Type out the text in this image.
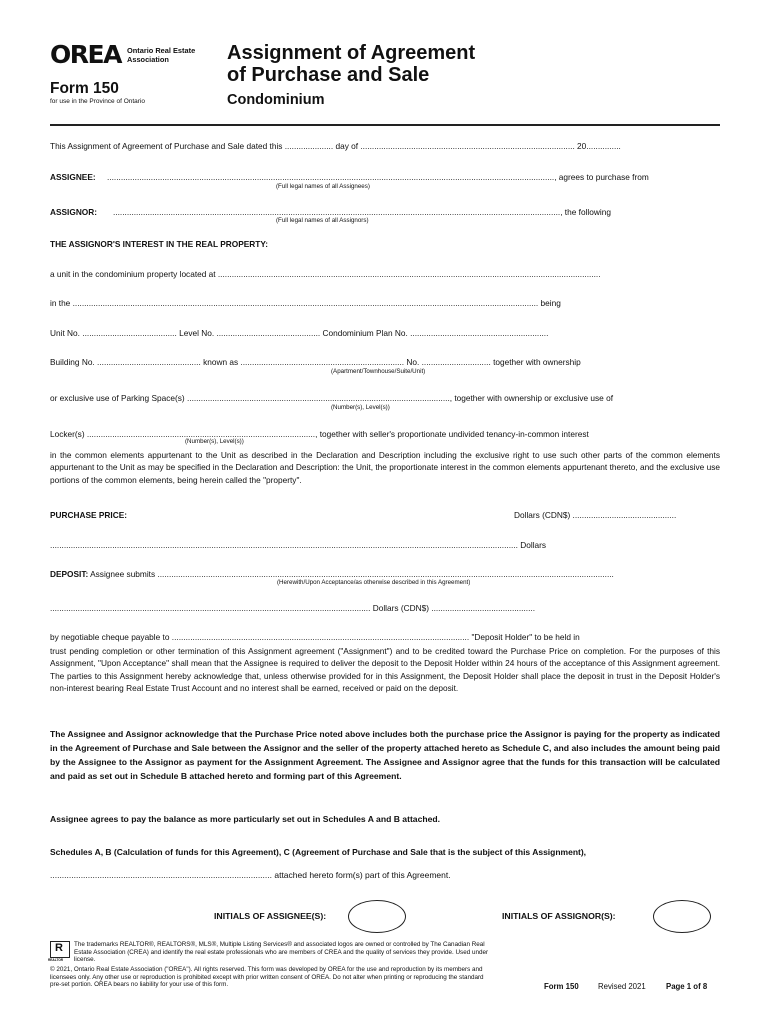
OREA Ontario Real Estate
Association
Form 150
for use in the Province of Ontario
Assignment of Agreement
of Purchase and Sale
Condominium
This Assignment of Agreement of Purchase and Sale dated this ..................... day of ............................................................................................. 20...............
ASSIGNEE: .................................................................................................................................................................................................., agrees to purchase from
(Full legal names of all Assignees)
ASSIGNOR: .................................................................................................................................................................................................., the following
(Full legal names of all Assignors)
THE ASSIGNOR'S INTEREST IN THE REAL PROPERTY:
a unit in the condominium property located at ......................................................................................................................................................................
in the .......................................................................................................................................................................................................... being
Unit No. ......................................... Level No. ............................................. Condominium Plan No. ............................................................
Building No. ............................................. known as ....................................................................... No. .............................. together with ownership
(Apartment/Townhouse/Suite/Unit)
or exclusive use of Parking Space(s) .................................................................................................................., together with ownership or exclusive use of
(Number(s), Level(s))
Locker(s) ..................................................................................................., together with seller's proportionate undivided tenancy-in-common interest
(Number(s), Level(s))
in the common elements appurtenant to the Unit as described in the Declaration and Description including the exclusive right to use such other parts of the common elements appurtenant to the Unit as may be specified in the Declaration and Description: the Unit, the proportionate interest in the common elements appurtenant thereto, and the exclusive use portions of the common elements, being herein called the "property".
PURCHASE PRICE:	Dollars (CDN$) .............................................
........................................................................................................................................................................................................... Dollars
DEPOSIT: Assignee submits ......................................................................................................................................................................................................
(Herewith/Upon Acceptance/as otherwise described in this Agreement)
........................................................................................................................................... Dollars (CDN$) .............................................
by negotiable cheque payable to ................................................................................................................................. "Deposit Holder" to be held in
trust pending completion or other termination of this Assignment agreement ("Assignment") and to be credited toward the Purchase Price on completion. For the purposes of this Assignment, "Upon Acceptance" shall mean that the Assignee is required to deliver the deposit to the Deposit Holder within 24 hours of the acceptance of this Assignment agreement. The parties to this Assignment hereby acknowledge that, unless otherwise provided for in this Assignment, the Deposit Holder shall place the deposit in trust in the Deposit Holder's non-interest bearing Real Estate Trust Account and no interest shall be earned, received or paid on the deposit.
The Assignee and Assignor acknowledge that the Purchase Price noted above includes both the purchase price the Assignor is paying for the property as indicated in the Agreement of Purchase and Sale between the Assignor and the seller of the property attached hereto as Schedule C, and also includes the amount being paid by the Assignee to the Assignor as payment for the Assignment Agreement. The Assignee and Assignor agree that the funds for this transaction will be calculated and paid as set out in Schedule B attached hereto and forming part of this Agreement.
Assignee agrees to pay the balance as more particularly set out in Schedules A and B attached.
Schedules A, B (Calculation of funds for this Agreement), C (Agreement of Purchase and Sale that is the subject of this Assignment),
.............................................................................................. attached hereto form(s) part of this Agreement.
INITIALS OF ASSIGNEE(S):	INITIALS OF ASSIGNOR(S):
R
REALTOR
The trademarks REALTOR®, REALTORS®, MLS®, Multiple Listing Services® and associated logos are owned or controlled by The Canadian Real Estate Association (CREA) and identify the real estate professionals who are members of CREA and the quality of services they provide. Used under license.
© 2021, Ontario Real Estate Association ("OREA"). All rights reserved. This form was developed by OREA for the use and reproduction by its members and licensees only. Any other use or reproduction is prohibited except with prior written consent of OREA. Do not alter when printing or reproducing the standard pre-set portion. OREA bears no liability for your use of this form.	Form 150 Revised 2021	Page 1 of 8
